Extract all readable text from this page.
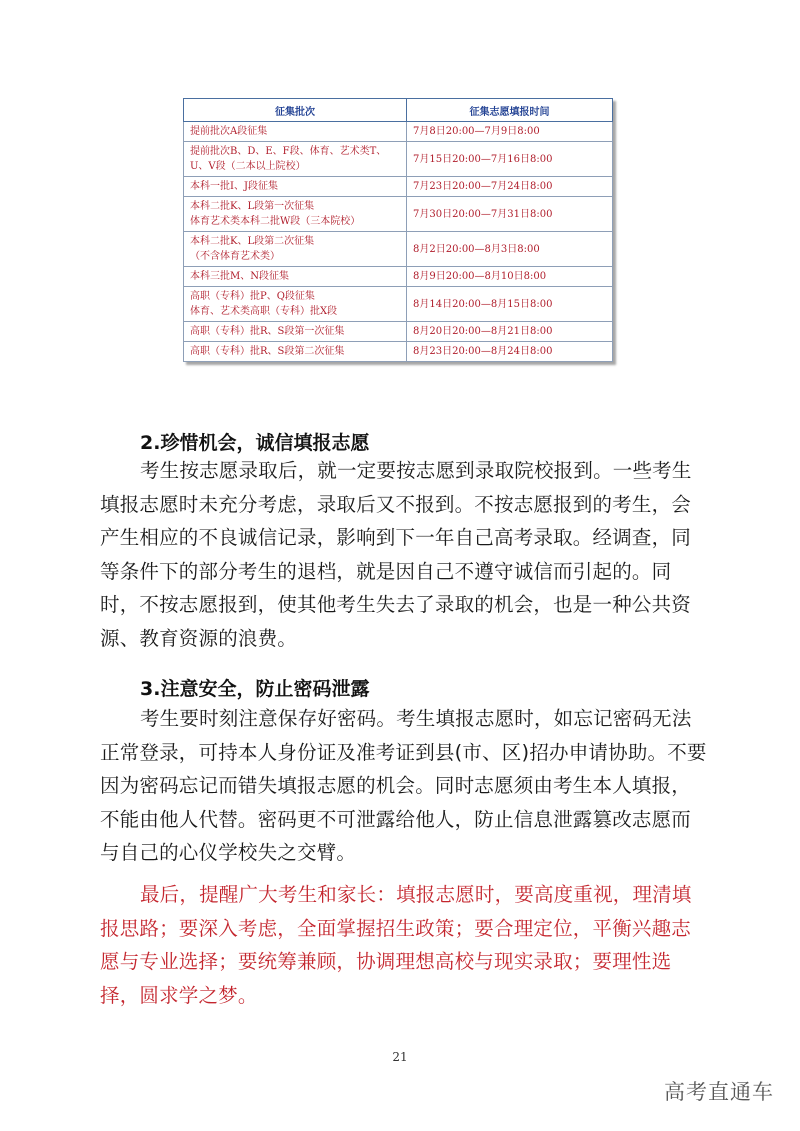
征集批次	征集志愿填报时间

提前批次A段征集	7月8日20:00—7月9日8:00

提前批次B、D、E、F段、体育、艺术类T、
U、V段（二本以上院校）	7月15日20:00—7月16日8:00

本科一批I、J段征集	7月23日20:00—7月24日8:00

本科二批K、L段第一次征集
体育艺术类本科二批W段（三本院校）	7月30日20:00—7月31日8:00

本科二批K、L段第二次征集
（不含体育艺术类）	8月2日20:00—8月3日8:00

本科三批M、N段征集	8月9日20:00—8月10日8:00

高职（专科）批P、Q段征集
体育、艺术类高职（专科）批X段	8月14日20:00—8月15日8:00

高职（专科）批R、S段第一次征集	8月20日20:00—8月21日8:00

高职（专科）批R、S段第二次征集	8月23日20:00—8月24日8:00
2.珍惜机会，诚信填报志愿

考生按志愿录取后，就一定要按志愿到录取院校报到。一些考生填报志愿时未充分考虑，录取后又不报到。不按志愿报到的考生，会产生相应的不良诚信记录，影响到下一年自己高考录取。经调查，同等条件下的部分考生的退档，就是因自己不遵守诚信而引起的。同时，不按志愿报到，使其他考生失去了录取的机会，也是一种公共资源、教育资源的浪费。

3.注意安全，防止密码泄露

考生要时刻注意保存好密码。考生填报志愿时，如忘记密码无法正常登录，可持本人身份证及准考证到县(市、区)招办申请协助。不要因为密码忘记而错失填报志愿的机会。同时志愿须由考生本人填报，不能由他人代替。密码更不可泄露给他人，防止信息泄露篡改志愿而与自己的心仪学校失之交臂。

最后，提醒广大考生和家长：填报志愿时，要高度重视，理清填报思路；要深入考虑，全面掌握招生政策；要合理定位，平衡兴趣志愿与专业选择；要统筹兼顾，协调理想高校与现实录取；要理性选择，圆求学之梦。

21
高考直通车
